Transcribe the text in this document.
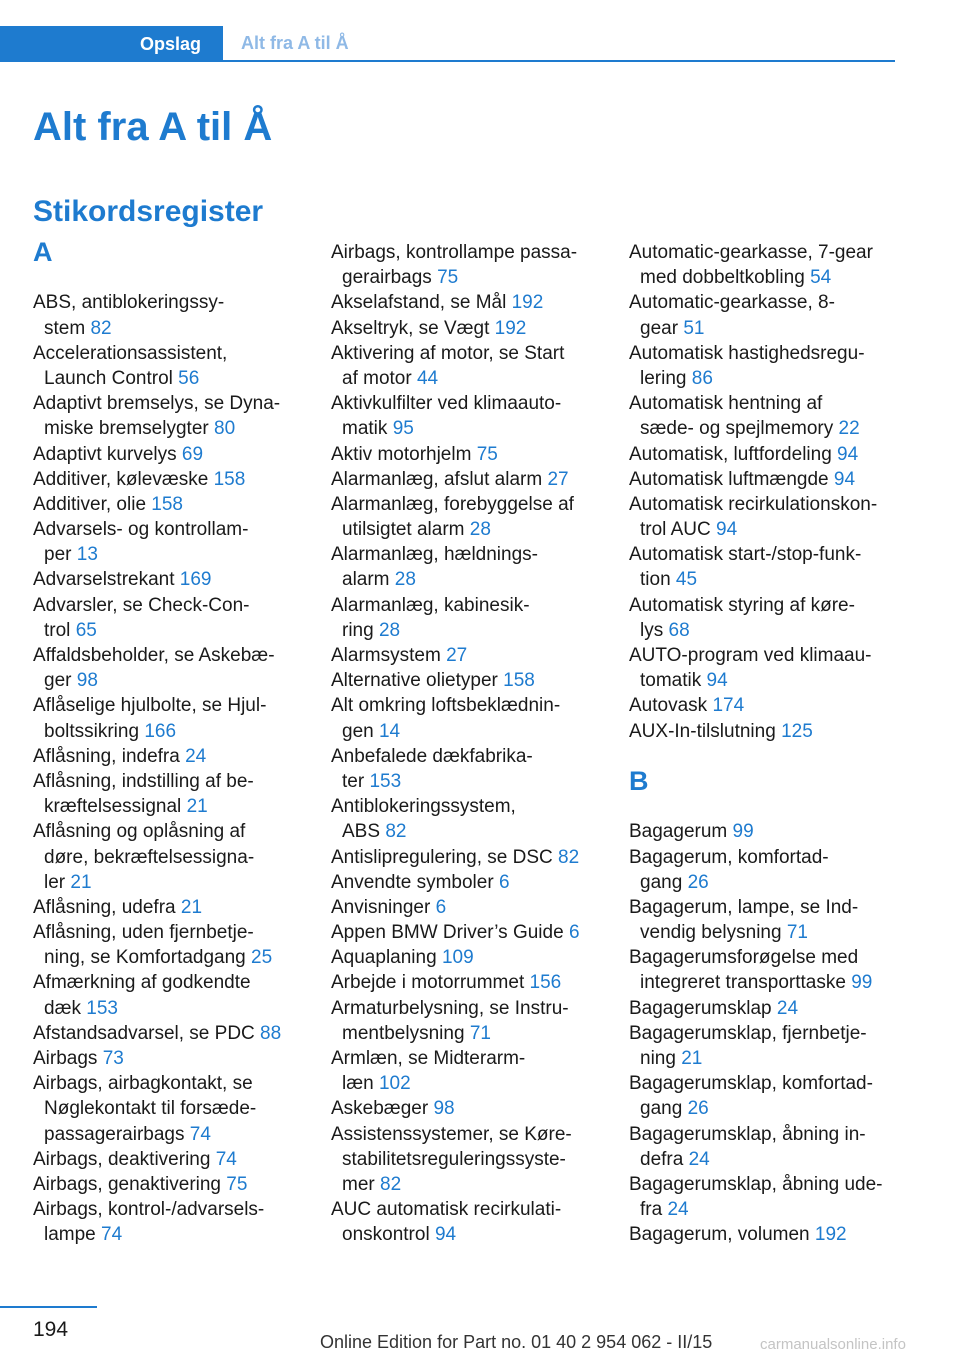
Opslag	Alt fra A til Å
Alt fra A til Å
Stikordsregister
A
ABS, antiblokeringssy-
stem 82
Accelerationsassistent,
Launch Control 56
Adaptivt bremselys, se Dyna-
miske bremselygter 80
Adaptivt kurvelys 69
Additiver, kølevæske 158
Additiver, olie 158
Advarsels- og kontrollam-
per 13
Advarselstrekant 169
Advarsler, se Check-Con-
trol 65
Affaldsbeholder, se Askebæ-
ger 98
Aflåselige hjulbolte, se Hjul-
boltssikring 166
Aflåsning, indefra 24
Aflåsning, indstilling af be-
kræftelsessignal 21
Aflåsning og oplåsning af
døre, bekræftelsessigna-
ler 21
Aflåsning, udefra 21
Aflåsning, uden fjernbetje-
ning, se Komfortadgang 25
Afmærkning af godkendte
dæk 153
Afstandsadvarsel, se PDC 88
Airbags 73
Airbags, airbagkontakt, se
Nøglekontakt til forsæde-
passagerairbags 74
Airbags, deaktivering 74
Airbags, genaktivering 75
Airbags, kontrol-/advarsels-
lampe 74
Airbags, kontrollampe passa-
gerairbags 75
Akselafstand, se Mål 192
Akseltryk, se Vægt 192
Aktivering af motor, se Start
af motor 44
Aktivkulfilter ved klimaauto-
matik 95
Aktiv motorhjelm 75
Alarmanlæg, afslut alarm 27
Alarmanlæg, forebyggelse af
utilsigtet alarm 28
Alarmanlæg, hældnings-
alarm 28
Alarmanlæg, kabinesik-
ring 28
Alarmsystem 27
Alternative olietyper 158
Alt omkring loftsbeklædnin-
gen 14
Anbefalede dækfabrika-
ter 153
Antiblokeringssystem,
ABS 82
Antislipregulering, se DSC 82
Anvendte symboler 6
Anvisninger 6
Appen BMW Driver’s Guide 6
Aquaplaning 109
Arbejde i motorrummet 156
Armaturbelysning, se Instru-
mentbelysning 71
Armlæn, se Midterarm-
læn 102
Askebæger 98
Assistenssystemer, se Køre-
stabilitetsreguleringssyste-
mer 82
AUC automatisk recirkulati-
onskontrol 94
Automatic-gearkasse, 7-gear
med dobbeltkobling 54
Automatic-gearkasse, 8-
gear 51
Automatisk hastighedsregu-
lering 86
Automatisk hentning af
sæde- og spejlmemory 22
Automatisk, luftfordeling 94
Automatisk luftmængde 94
Automatisk recirkulationskon-
trol AUC 94
Automatisk start-/stop-funk-
tion 45
Automatisk styring af køre-
lys 68
AUTO-program ved klimaau-
tomatik 94
Autovask 174
AUX-In-tilslutning 125
B
Bagagerum 99
Bagagerum, komfortad-
gang 26
Bagagerum, lampe, se Ind-
vendig belysning 71
Bagagerumsforøgelse med
integreret transporttaske 99
Bagagerumsklap 24
Bagagerumsklap, fjernbetje-
ning 21
Bagagerumsklap, komfortad-
gang 26
Bagagerumsklap, åbning in-
defra 24
Bagagerumsklap, åbning ude-
fra 24
Bagagerum, volumen 192
194
Online Edition for Part no. 01 40 2 954 062 - II/15	carmanualsonline.info
